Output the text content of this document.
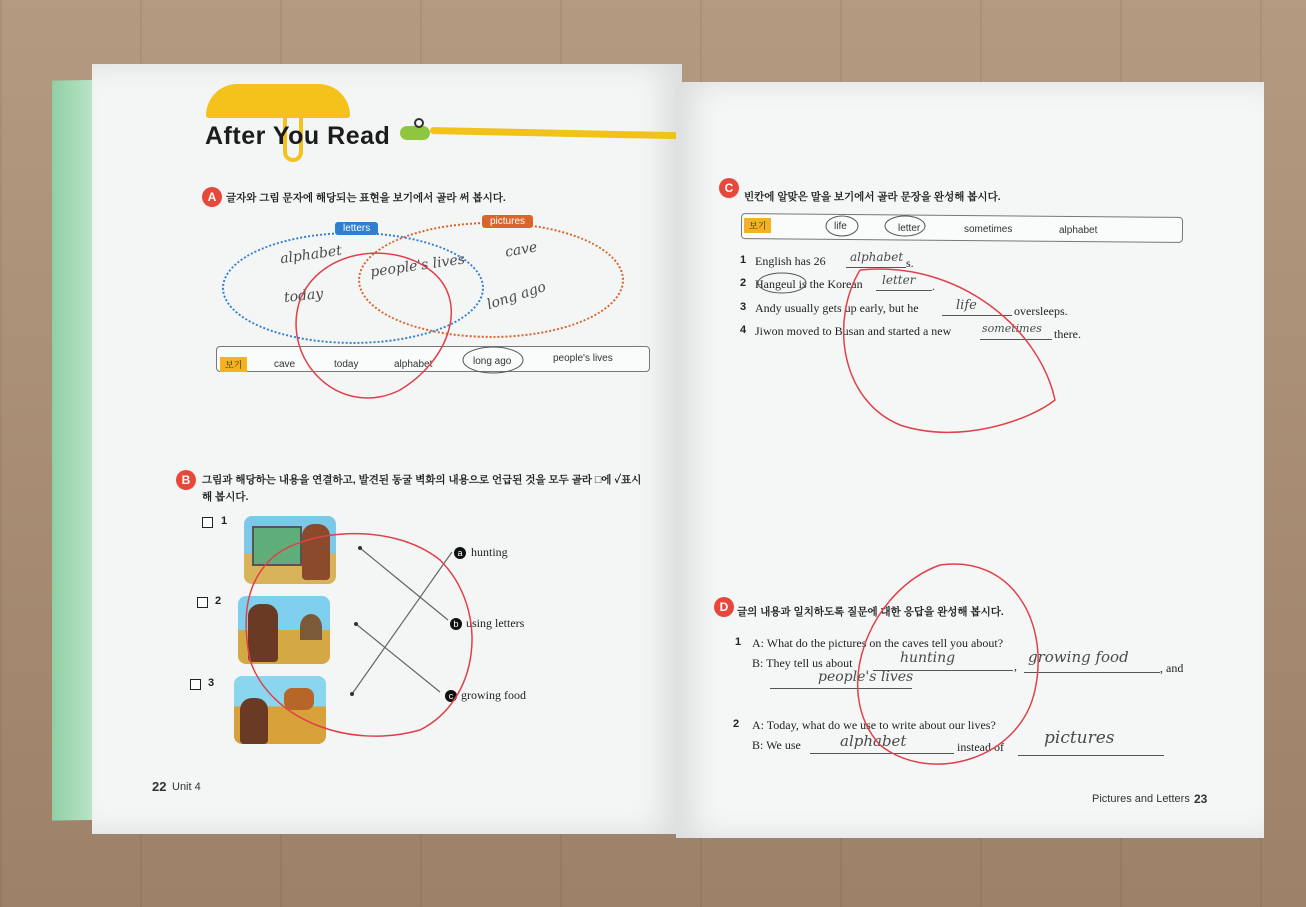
After You Read
A 글자와 그림 문자에 해당되는 표현을 보기에서 골라 써 봅시다.
letters
pictures
alphabet
today
people's lives
cave
long ago
보기	cave	today	alphabet	long ago	people's lives
B	그림과 해당하는 내용을 연결하고, 발견된 동굴 벽화의 내용으로 언급된 것을 모두 골라 □에 ✓표시
해 봅시다.
1
2
3
a hunting
b using letters
c growing food
22 Unit 4
C
빈칸에 알맞은 말을 보기에서 골라 문장을 완성해 봅시다.
보기	life	letter	sometimes	alphabet
1 English has 26 alphabet s.
2 Hangeul is the Korean letter .
3 Andy usually gets up early, but he	life	oversleeps.
4 Jiwon moved to Busan and started a new	sometimes there.
D 글의 내용과 일치하도록 질문에 대한 응답을 완성해 봅시다.
1 A: What do the pictures on the caves tell you about?
B: They tell us about	hunting	, growing food
, and
people's lives
2 A: Today, what do we use to write about our lives?
B: We use	alphabet	instead of pictures
Pictures and Letters 23
